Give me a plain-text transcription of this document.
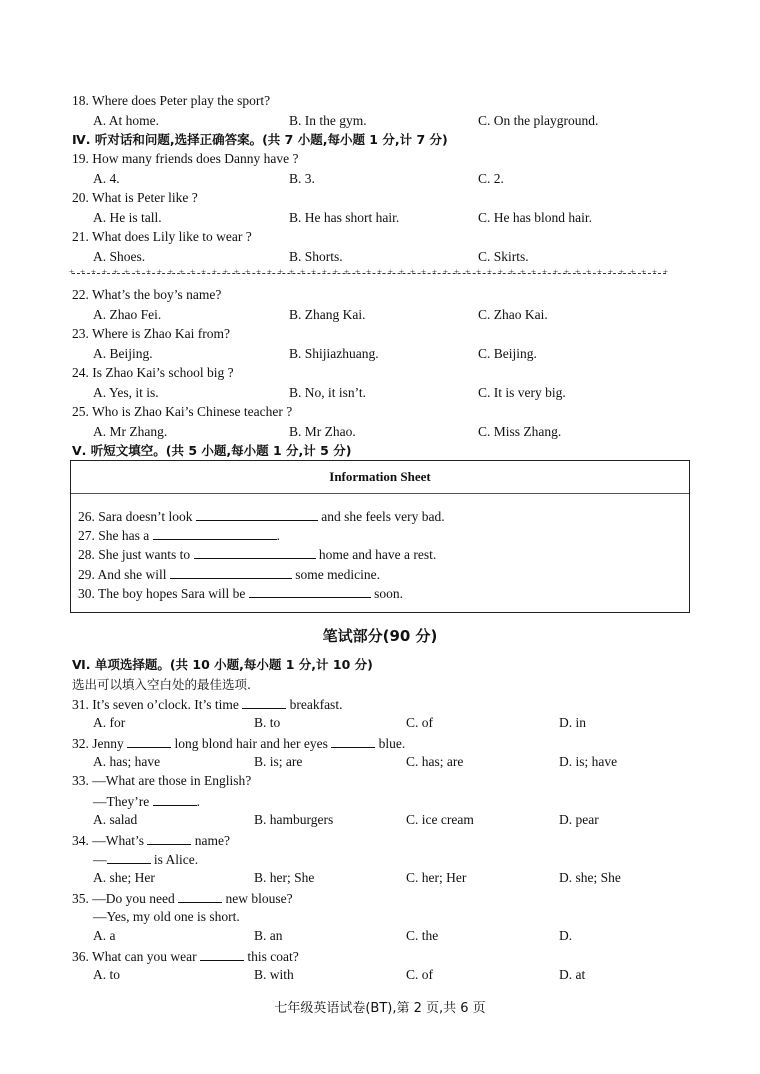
18. Where does Peter play the sport?
A. At home.	B. In the gym.	C. On the playground.
Ⅳ. 听对话和问题,选择正确答案。(共 7 小题,每小题 1 分,计 7 分)
19. How many friends does Danny have ?
A. 4.	B. 3.	C. 2.
20. What is Peter like ?
A. He is tall.	B. He has short hair.	C. He has blond hair.
21. What does Lily like to wear ?
A. Shoes.	B. Shorts.	C. Skirts.
+ + + + + + + + + + + + + + + + + + + + + + + + + + + + + + + + + + + + + + + + + + + + + + + + + + + + + + +
22. What’s the boy’s name?
A. Zhao Fei.	B. Zhang Kai.	C. Zhao Kai.
23. Where is Zhao Kai from?
A. Beijing.	B. Shijiazhuang.	C. Beijing.
24. Is Zhao Kai’s school big ?
A. Yes, it is.	B. No, it isn’t.	C. It is very big.
25. Who is Zhao Kai’s Chinese teacher ?
A. Mr Zhang.	B. Mr Zhao.	C. Miss Zhang.
Ⅴ. 听短文填空。(共 5 小题,每小题 1 分,计 5 分)
Information Sheet
26. Sara doesn’t look	and she feels very bad.
27. She has a	.
28. She just wants to	home and have a rest.
29. And she will	some medicine.
30. The boy hopes Sara will be	soon.
笔试部分(90 分)
Ⅵ. 单项选择题。(共 10 小题,每小题 1 分,计 10 分)
选出可以填入空白处的最佳选项.
31. It’s seven o’clock. It’s time	breakfast.
A. for	B. to	C. of	D. in
32. Jenny	long blond hair and her eyes	blue.
A. has; have	B. is; are	C. has; are	D. is; have
33. —What are those in English?
—They’re	.
A. salad	B. hamburgers	C. ice cream	D. pear
34. —What’s	name?
—	is Alice.
A. she; Her	B. her; She	C. her; Her	D. she; She
35. —Do you need	new blouse?
—Yes, my old one is short.
A. a	B. an	C. the	D.
36. What can you wear	this coat?
A. to	B. with	C. of	D. at
七年级英语试卷(BT),第 2 页,共 6 页
